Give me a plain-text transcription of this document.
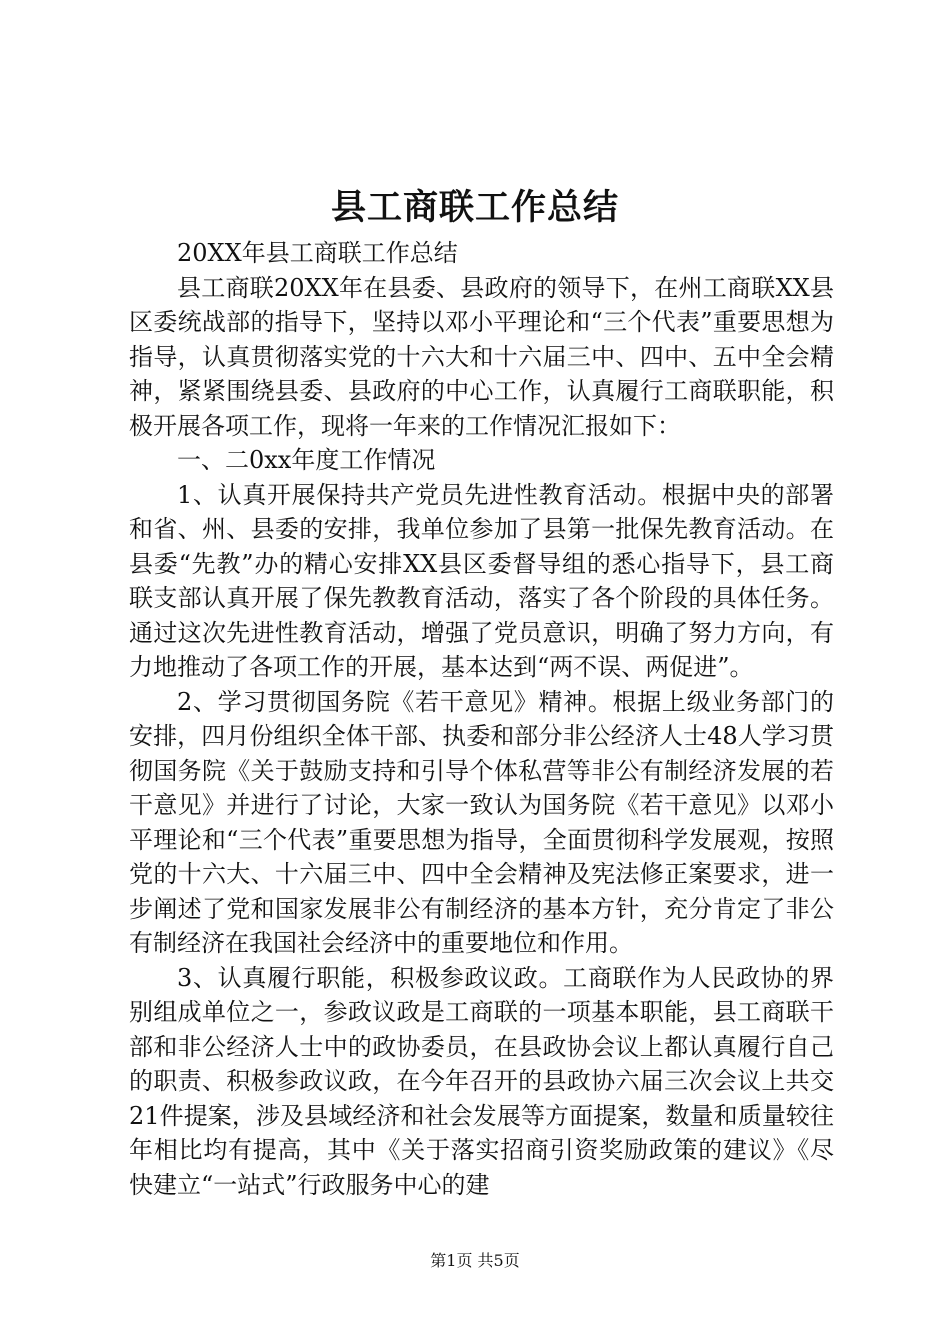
县工商联工作总结

20XX年县工商联工作总结

县工商联20XX年在县委、县政府的领导下，在州工商联XX县区委统战部的指导下，坚持以邓小平理论和“三个代表”重要思想为指导，认真贯彻落实党的十六大和十六届三中、四中、五中全会精神，紧紧围绕县委、县政府的中心工作，认真履行工商联职能，积极开展各项工作，现将一年来的工作情况汇报如下：

一、二0xx年度工作情况

1、认真开展保持共产党员先进性教育活动。根据中央的部署和省、州、县委的安排，我单位参加了县第一批保先教育活动。在县委“先教”办的精心安排XX县区委督导组的悉心指导下，县工商联支部认真开展了保先教教育活动，落实了各个阶段的具体任务。通过这次先进性教育活动，增强了党员意识，明确了努力方向，有力地推动了各项工作的开展，基本达到“两不误、两促进”。

2、学习贯彻国务院《若干意见》精神。根据上级业务部门的安排，四月份组织全体干部、执委和部分非公经济人士48人学习贯彻国务院《关于鼓励支持和引导个体私营等非公有制经济发展的若干意见》并进行了讨论，大家一致认为国务院《若干意见》以邓小平理论和“三个代表”重要思想为指导，全面贯彻科学发展观，按照党的十六大、十六届三中、四中全会精神及宪法修正案要求，进一步阐述了党和国家发展非公有制经济的基本方针，充分肯定了非公有制经济在我国社会经济中的重要地位和作用。

3、认真履行职能，积极参政议政。工商联作为人民政协的界别组成单位之一，参政议政是工商联的一项基本职能，县工商联干部和非公经济人士中的政协委员，在县政协会议上都认真履行自己的职责、积极参政议政，在今年召开的县政协六届三次会议上共交21件提案，涉及县域经济和社会发展等方面提案，数量和质量较往年相比均有提高，其中《关于落实招商引资奖励政策的建议》《尽快建立“一站式”行政服务中心的建

第1页 共5页
